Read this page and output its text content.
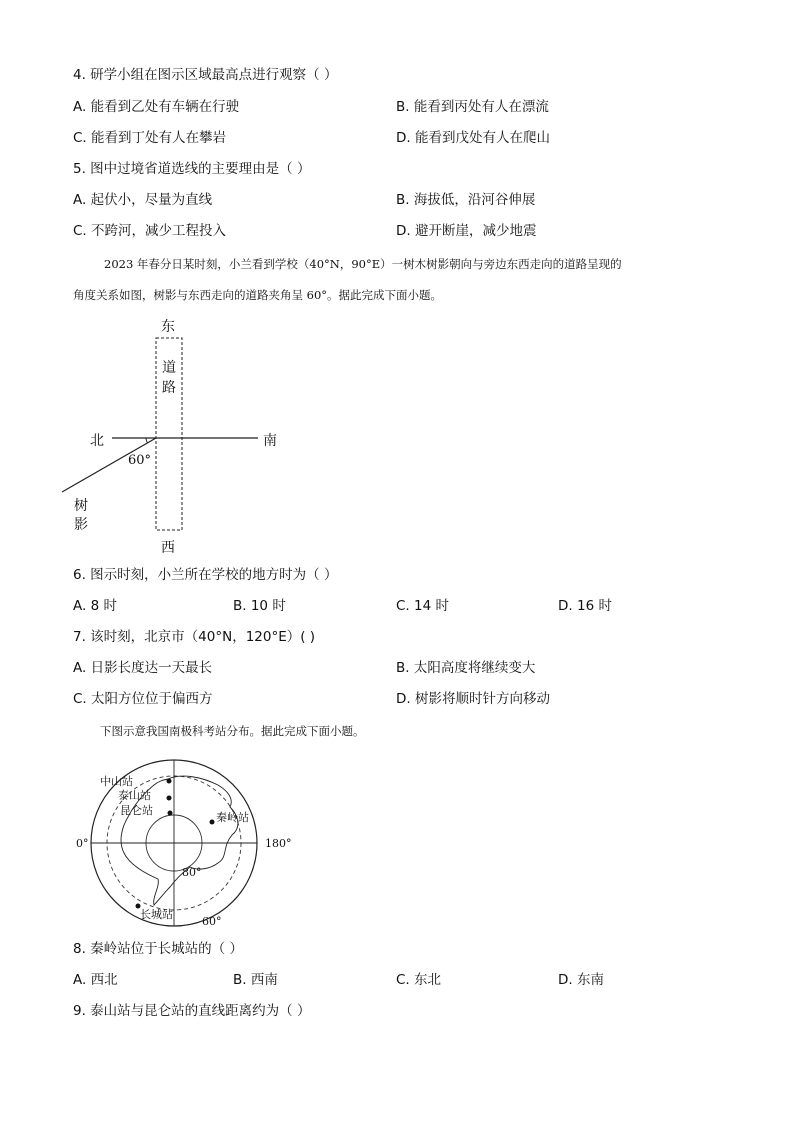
4. 研学小组在图示区域最高点进行观察（ ）
A. 能看到乙处有车辆在行驶	B. 能看到丙处有人在漂流
C. 能看到丁处有人在攀岩	D. 能看到戊处有人在爬山
5. 图中过境省道选线的主要理由是（ ）
A. 起伏小，尽量为直线	B. 海拔低，沿河谷伸展
C. 不跨河，减少工程投入	D. 避开断崖，减少地震
2023 年春分日某时刻，小兰看到学校（40°N，90°E）一树木树影朝向与旁边东西走向的道路呈现的
角度关系如图，树影与东西走向的道路夹角呈 60°。据此完成下面小题。
东
道
路
北	南
60°
树
影
西
6. 图示时刻，小兰所在学校的地方时为（ ）
A. 8 时	B. 10 时	C. 14 时	D. 16 时
7. 该时刻，北京市（40°N，120°E）( )
A. 日影长度达一天最长	B. 太阳高度将继续变大
C. 太阳方位位于偏西方	D. 树影将顺时针方向移动
下图示意我国南极科考站分布。据此完成下面小题。
中山站
泰山站
昆仑站
秦岭站
0°	180°
80°
长城站
60°
8. 秦岭站位于长城站的（ ）
A. 西北	B. 西南	C. 东北	D. 东南
9. 泰山站与昆仑站的直线距离约为（ ）
